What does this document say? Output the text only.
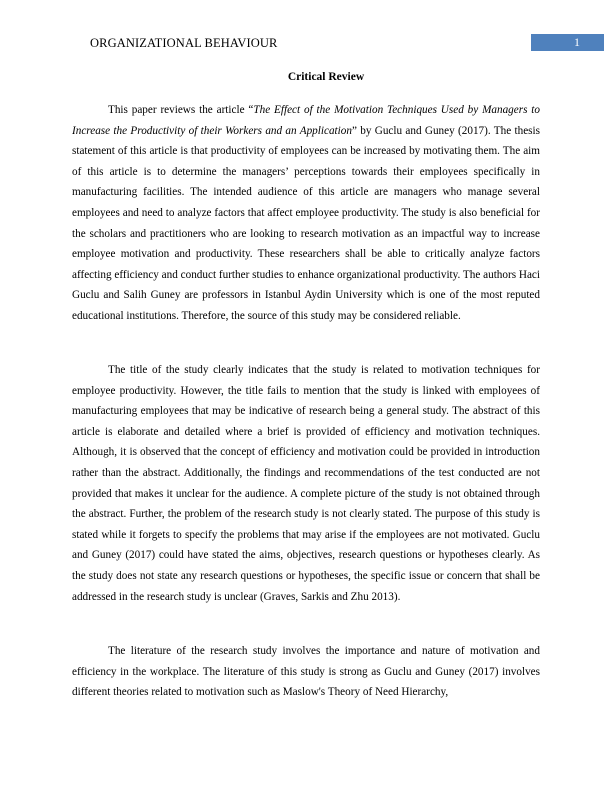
ORGANIZATIONAL BEHAVIOUR	1
Critical Review

This paper reviews the article “The Effect of the Motivation Techniques Used by Managers to Increase the Productivity of their Workers and an Application” by Guclu and Guney (2017). The thesis statement of this article is that productivity of employees can be increased by motivating them. The aim of this article is to determine the managers’ perceptions towards their employees specifically in manufacturing facilities. The intended audience of this article are managers who manage several employees and need to analyze factors that affect employee productivity. The study is also beneficial for the scholars and practitioners who are looking to research motivation as an impactful way to increase employee motivation and productivity. These researchers shall be able to critically analyze factors affecting efficiency and conduct further studies to enhance organizational productivity. The authors Haci Guclu and Salih Guney are professors in Istanbul Aydin University which is one of the most reputed educational institutions. Therefore, the source of this study may be considered reliable.

The title of the study clearly indicates that the study is related to motivation techniques for employee productivity. However, the title fails to mention that the study is linked with employees of manufacturing employees that may be indicative of research being a general study. The abstract of this article is elaborate and detailed where a brief is provided of efficiency and motivation techniques. Although, it is observed that the concept of efficiency and motivation could be provided in introduction rather than the abstract. Additionally, the findings and recommendations of the test conducted are not provided that makes it unclear for the audience. A complete picture of the study is not obtained through the abstract. Further, the problem of the research study is not clearly stated. The purpose of this study is stated while it forgets to specify the problems that may arise if the employees are not motivated. Guclu and Guney (2017) could have stated the aims, objectives, research questions or hypotheses clearly. As the study does not state any research questions or hypotheses, the specific issue or concern that shall be addressed in the research study is unclear (Graves, Sarkis and Zhu 2013).

The literature of the research study involves the importance and nature of motivation and efficiency in the workplace. The literature of this study is strong as Guclu and Guney (2017) involves different theories related to motivation such as Maslow's Theory of Need Hierarchy,
